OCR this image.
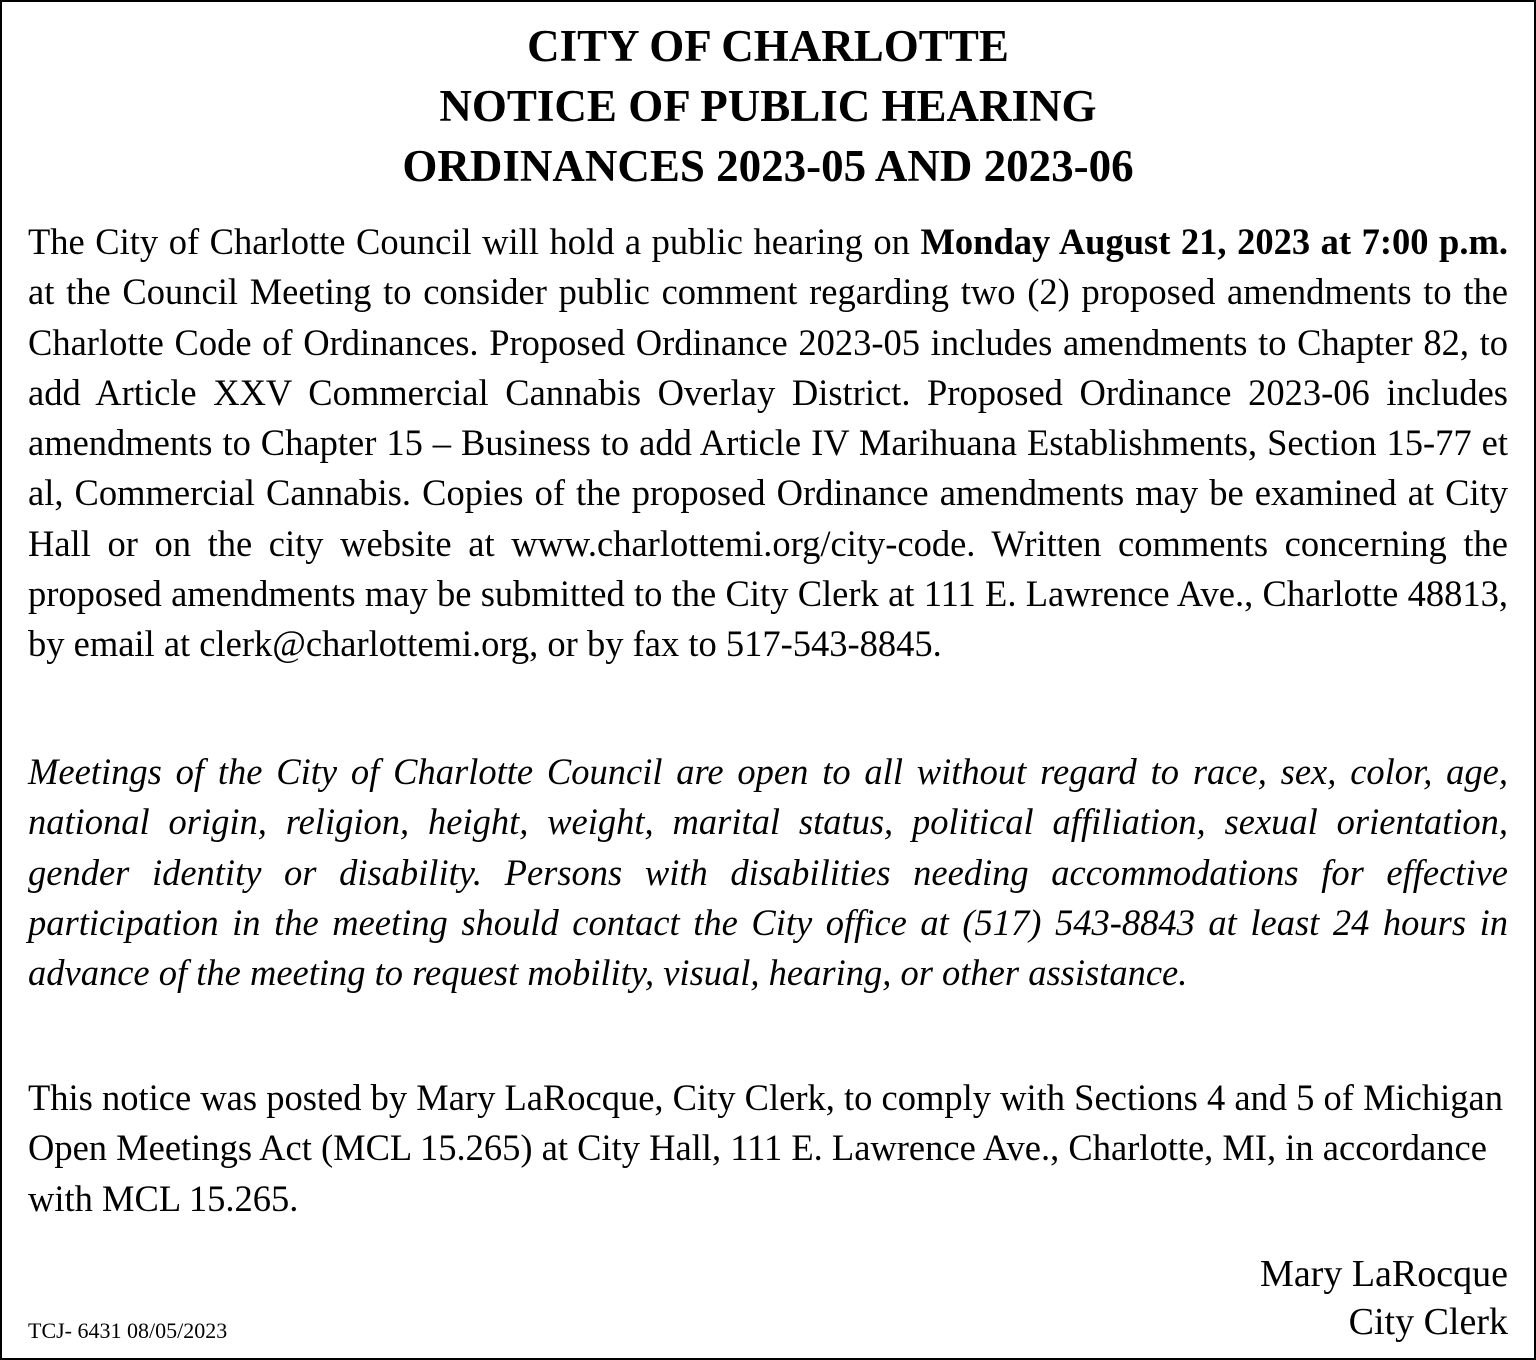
CITY OF CHARLOTTE
NOTICE OF PUBLIC HEARING
ORDINANCES 2023-05 AND 2023-06

The City of Charlotte Council will hold a public hearing on Monday August 21, 2023 at 7:00 p.m. at the Council Meeting to consider public comment regarding two (2) proposed amendments to the Charlotte Code of Ordinances. Proposed Ordinance 2023-05 includes amendments to Chapter 82, to add Article XXV Commercial Cannabis Overlay District. Proposed Ordinance 2023-06 includes amendments to Chapter 15 – Business to add Article IV Marihuana Establishments, Section 15-77 et al, Commercial Cannabis. Copies of the proposed Ordinance amendments may be examined at City Hall or on the city website at www.charlottemi.org/city-code. Written comments concerning the proposed amendments may be submitted to the City Clerk at 111 E. Lawrence Ave., Charlotte 48813, by email at clerk@charlottemi.org, or by fax to 517-543-8845.

Meetings of the City of Charlotte Council are open to all without regard to race, sex, color, age, national origin, religion, height, weight, marital status, political affiliation, sexual orientation, gender identity or disability. Persons with disabilities needing accommodations for effective participation in the meeting should contact the City office at (517) 543-8843 at least 24 hours in advance of the meeting to request mobility, visual, hearing, or other assistance.

This notice was posted by Mary LaRocque, City Clerk, to comply with Sections 4 and 5 of Michigan Open Meetings Act (MCL 15.265) at City Hall, 111 E. Lawrence Ave., Charlotte, MI, in accordance with MCL 15.265.

TCJ- 6431 08/05/2023
Mary LaRocque
City Clerk
